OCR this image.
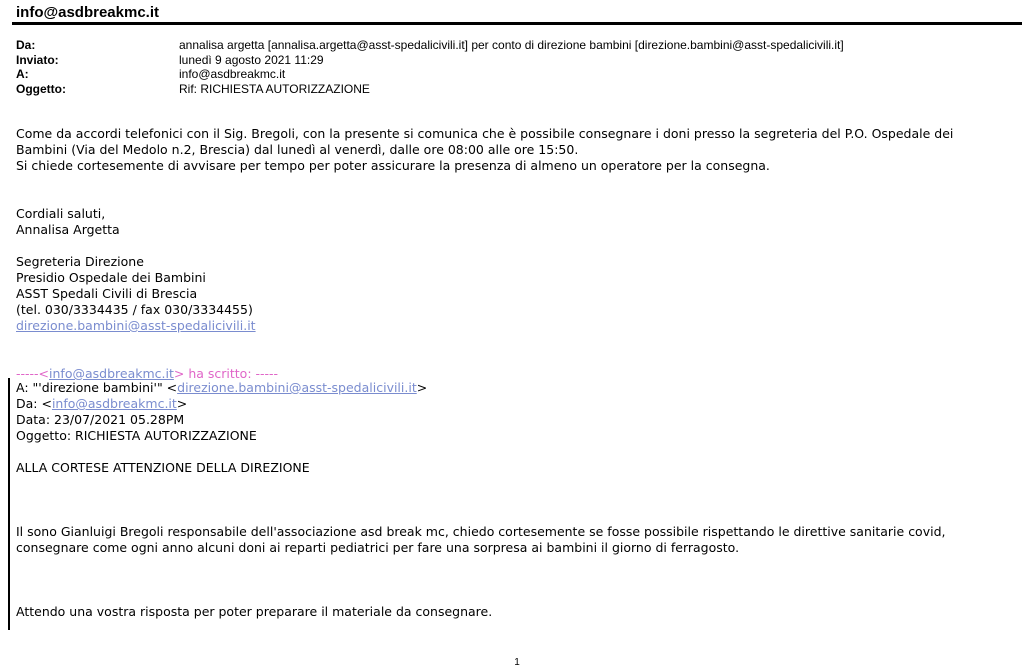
info@asdbreakmc.it
Da:	annalisa argetta [annalisa.argetta@asst-spedalicivili.it] per conto di direzione bambini [direzione.bambini@asst-spedalicivili.it]
Inviato:	lunedì 9 agosto 2021 11:29
A:	info@asdbreakmc.it
Oggetto:	Rif: RICHIESTA AUTORIZZAZIONE

Come da accordi telefonici con il Sig. Bregoli, con la presente si comunica che è possibile consegnare i doni presso la segreteria del P.O. Ospedale dei

Bambini (Via del Medolo n.2, Brescia) dal lunedì al venerdì, dalle ore 08:00 alle ore 15:50.

Si chiede cortesemente di avvisare per tempo per poter assicurare la presenza di almeno un operatore per la consegna.

Cordiali saluti,

Annalisa Argetta

Segreteria Direzione

Presidio Ospedale dei Bambini

ASST Spedali Civili di Brescia

(tel. 030/3334435 / fax 030/3334455)

direzione.bambini@asst-spedalicivili.it

-----<info@asdbreakmc.it> ha scritto: -----

A: "'direzione bambini'" <direzione.bambini@asst-spedalicivili.it>

Da: <info@asdbreakmc.it>

Data: 23/07/2021 05.28PM

Oggetto: RICHIESTA AUTORIZZAZIONE

ALLA CORTESE ATTENZIONE DELLA DIREZIONE

Il sono Gianluigi Bregoli responsabile dell'associazione asd break mc, chiedo cortesemente se fosse possibile rispettando le direttive sanitarie covid, consegnare come ogni anno alcuni doni ai reparti pediatrici per fare una sorpresa ai bambini il giorno di ferragosto.

Attendo una vostra risposta per poter preparare il materiale da consegnare.

1
